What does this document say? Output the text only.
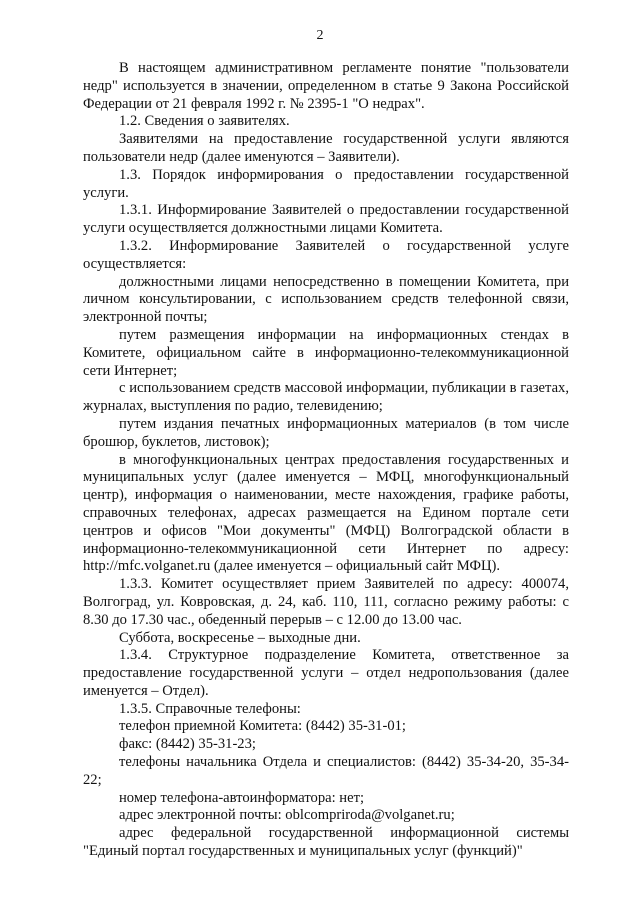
2

В настоящем административном регламенте понятие "пользователи недр" используется в значении, определенном в статье 9 Закона Российской Федерации от 21 февраля 1992 г. № 2395-1 "О недрах".

1.2. Сведения о заявителях.

Заявителями на предоставление государственной услуги являются пользователи недр (далее именуются – Заявители).

1.3. Порядок информирования о предоставлении государственной услуги.

1.3.1. Информирование Заявителей о предоставлении государственной услуги осуществляется должностными лицами Комитета.

1.3.2. Информирование Заявителей о государственной услуге осуществляется:

должностными лицами непосредственно в помещении Комитета, при личном консультировании, с использованием средств телефонной связи, электронной почты;

путем размещения информации на информационных стендах в Комитете, официальном сайте в информационно-телекоммуникационной сети Интернет;

с использованием средств массовой информации, публикации в газетах, журналах, выступления по радио, телевидению;

путем издания печатных информационных материалов (в том числе брошюр, буклетов, листовок);

в многофункциональных центрах предоставления государственных и муниципальных услуг (далее именуется – МФЦ, многофункциональный центр), информация о наименовании, месте нахождения, графике работы, справочных телефонах, адресах размещается на Едином портале сети центров и офисов "Мои документы" (МФЦ) Волгоградской области в информационно-телекоммуникационной сети Интернет по адресу: http://mfc.volganet.ru (далее именуется – официальный сайт МФЦ).

1.3.3. Комитет осуществляет прием Заявителей по адресу: 400074, Волгоград, ул. Ковровская, д. 24, каб. 110, 111, согласно режиму работы: с 8.30 до 17.30 час., обеденный перерыв – с 12.00 до 13.00 час.

Суббота, воскресенье – выходные дни.

1.3.4. Структурное подразделение Комитета, ответственное за предоставление государственной услуги – отдел недропользования (далее именуется – Отдел).

1.3.5. Справочные телефоны:

телефон приемной Комитета: (8442) 35-31-01;

факс: (8442) 35-31-23;

телефоны начальника Отдела и специалистов: (8442) 35-34-20, 35-34-22;

номер телефона-автоинформатора: нет;

адрес электронной почты: oblcompriroda@volganet.ru;

адрес федеральной государственной информационной системы "Единый портал государственных и муниципальных услуг (функций)"
